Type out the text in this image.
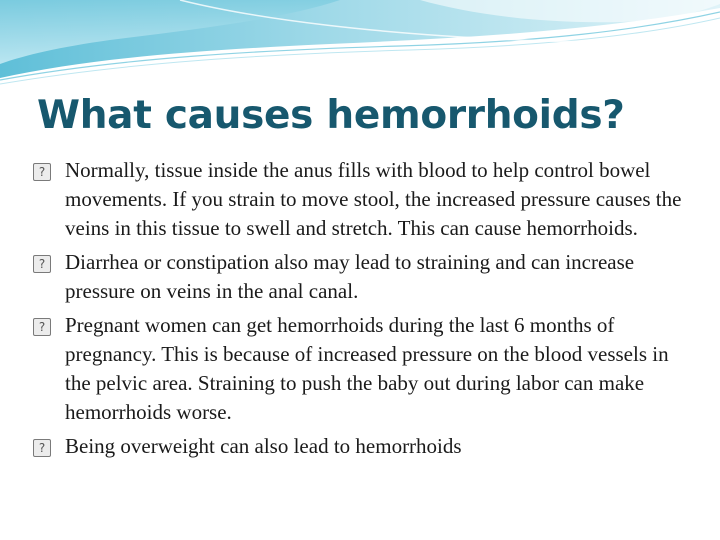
What causes hemorrhoids?
? Normally, tissue inside the anus fills with blood to help control bowel movements. If you strain to move stool, the increased pressure causes the veins in this tissue to swell and stretch. This can cause hemorrhoids.
? Diarrhea or constipation also may lead to straining and can increase pressure on veins in the anal canal.
? Pregnant women can get hemorrhoids during the last 6 months of pregnancy. This is because of increased pressure on the blood vessels in the pelvic area. Straining to push the baby out during labor can make hemorrhoids worse.
? Being overweight can also lead to hemorrhoids
